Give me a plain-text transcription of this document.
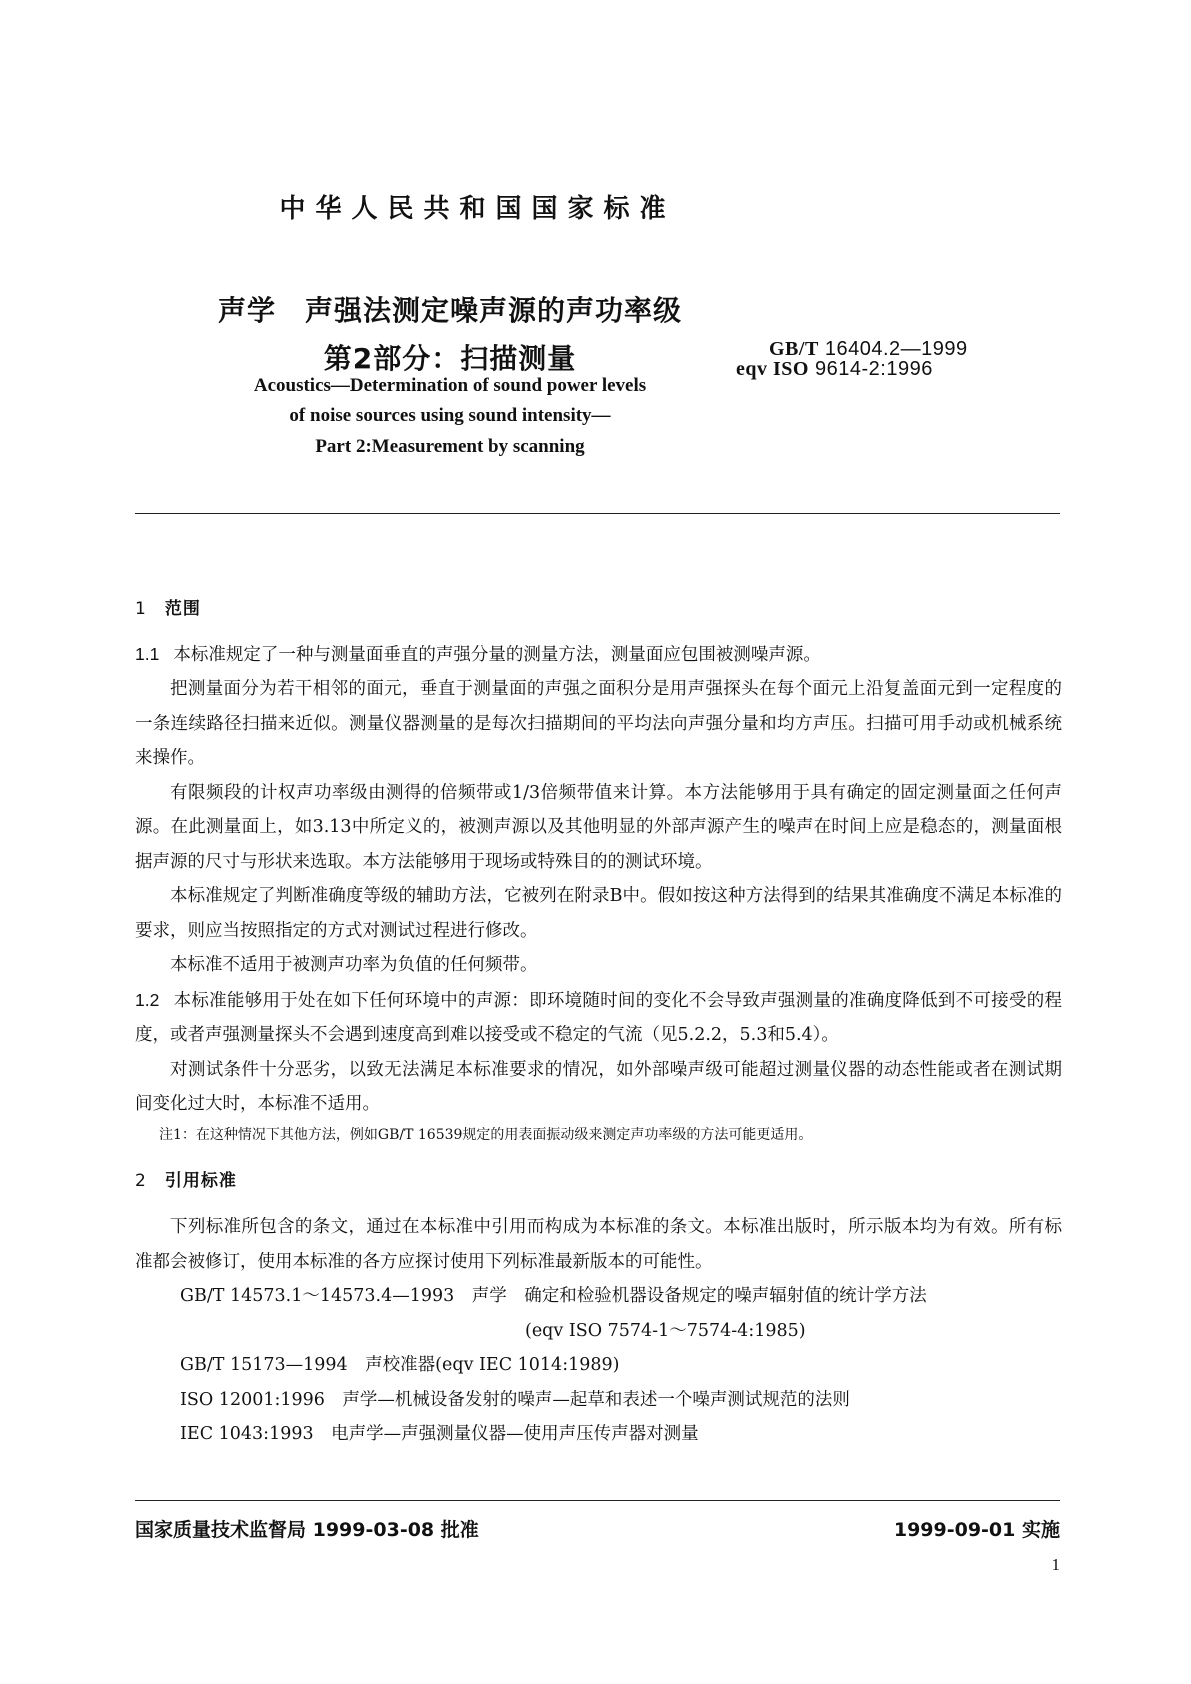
中华人民共和国国家标准
声学　声强法测定噪声源的声功率级
第2部分：扫描测量	GB/T 16404.2—1999
eqv ISO 9614-2:1996
Acoustics—Determination of sound power levels
of noise sources using sound intensity—
Part 2:Measurement by scanning
1 范围

1.1 本标准规定了一种与测量面垂直的声强分量的测量方法，测量面应包围被测噪声源。

把测量面分为若干相邻的面元，垂直于测量面的声强之面积分是用声强探头在每个面元上沿复盖面元到一定程度的一条连续路径扫描来近似。测量仪器测量的是每次扫描期间的平均法向声强分量和均方声压。扫描可用手动或机械系统来操作。

有限频段的计权声功率级由测得的倍频带或1/3倍频带值来计算。本方法能够用于具有确定的固定测量面之任何声源。在此测量面上，如3.13中所定义的，被测声源以及其他明显的外部声源产生的噪声在时间上应是稳态的，测量面根据声源的尺寸与形状来选取。本方法能够用于现场或特殊目的的测试环境。

本标准规定了判断准确度等级的辅助方法，它被列在附录B中。假如按这种方法得到的结果其准确度不满足本标准的要求，则应当按照指定的方式对测试过程进行修改。

本标准不适用于被测声功率为负值的任何频带。

1.2 本标准能够用于处在如下任何环境中的声源：即环境随时间的变化不会导致声强测量的准确度降低到不可接受的程度，或者声强测量探头不会遇到速度高到难以接受或不稳定的气流（见5.2.2，5.3和5.4）。

对测试条件十分恶劣，以致无法满足本标准要求的情况，如外部噪声级可能超过测量仪器的动态性能或者在测试期间变化过大时，本标准不适用。

注1：在这种情况下其他方法，例如GB/T 16539规定的用表面振动级来测定声功率级的方法可能更适用。

2 引用标准

下列标准所包含的条文，通过在本标准中引用而构成为本标准的条文。本标准出版时，所示版本均为有效。所有标准都会被修订，使用本标准的各方应探讨使用下列标准最新版本的可能性。

GB/T 14573.1～14573.4—1993　声学　确定和检验机器设备规定的噪声辐射值的统计学方法

(eqv ISO 7574-1～7574-4:1985)

GB/T 15173—1994　声校准器(eqv IEC 1014:1989)

ISO 12001:1996　声学—机械设备发射的噪声—起草和表述一个噪声测试规范的法则

IEC 1043:1993　电声学—声强测量仪器—使用声压传声器对测量

国家质量技术监督局 1999-03-08 批准	1999-09-01 实施
1
